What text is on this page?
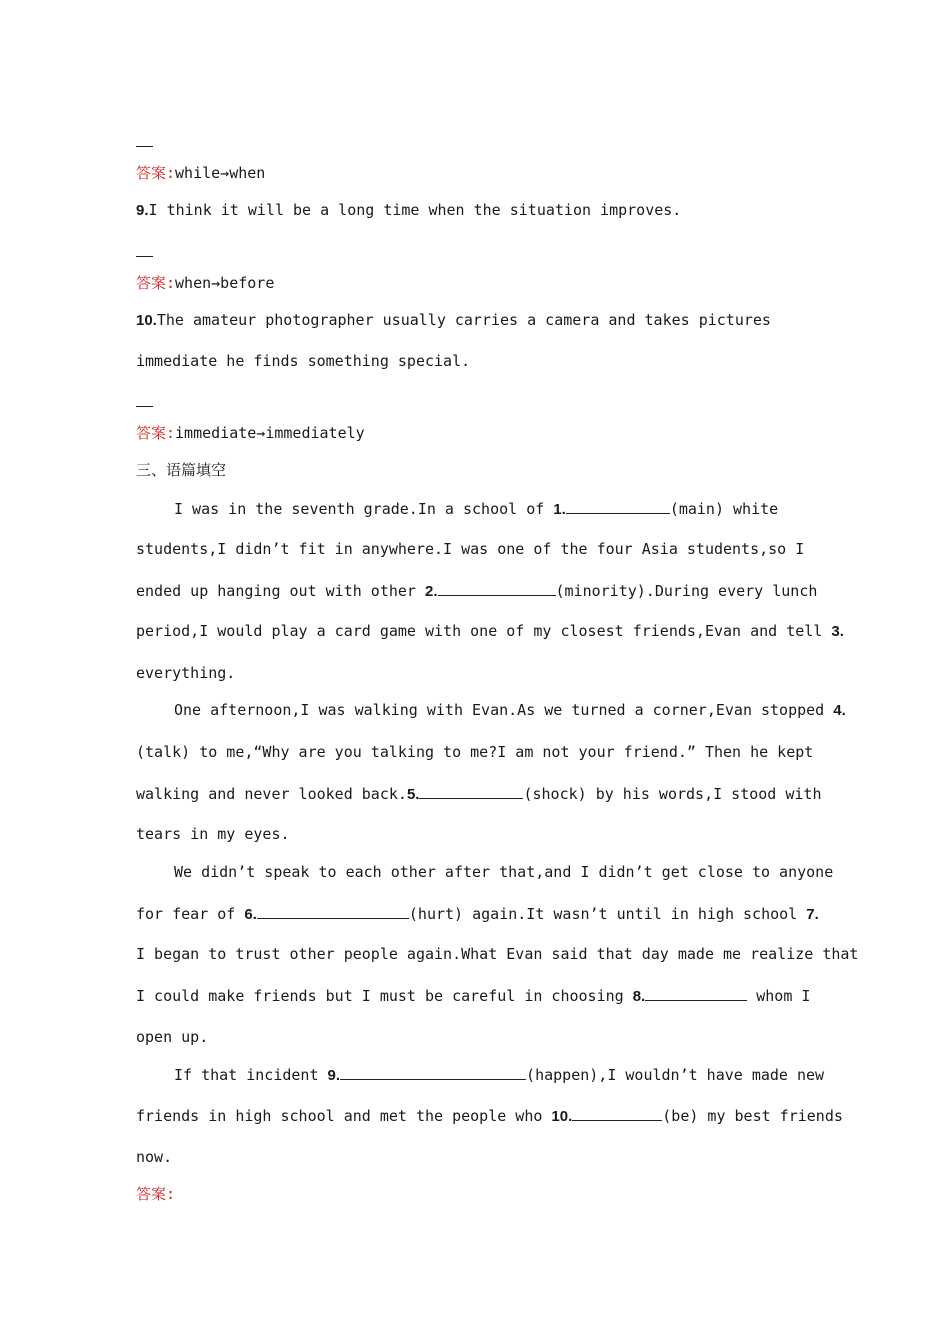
答案:while→when
9.I think it will be a long time when the situation improves.
答案:when→before
10.The amateur photographer usually carries a camera and takes pictures
immediate he finds something special.
答案:immediate→immediately
三、语篇填空
I was in the seventh grade.In a school of 1.	(main) white
students,I didn’t fit in anywhere.I was one of the four Asia students,so I
ended up hanging out with other 2.	(minority).During every lunch
period,I would play a card game with one of my closest friends,Evan and tell 3.
everything.
One afternoon,I was walking with Evan.As we turned a corner,Evan stopped 4.
(talk) to me,“Why are you talking to me?I am not your friend.” Then he kept
walking and never looked back.5.	(shock) by his words,I stood with
tears in my eyes.
We didn’t speak to each other after that,and I didn’t get close to anyone
for fear of 6.	(hurt) again.It wasn’t until in high school 7.
I began to trust other people again.What Evan said that day made me realize that
I could make friends but I must be careful in choosing 8.	whom I
open up.
If that incident 9.	(happen),I wouldn’t have made new
friends in high school and met the people who 10.	(be) my best friends
now.
答案:
